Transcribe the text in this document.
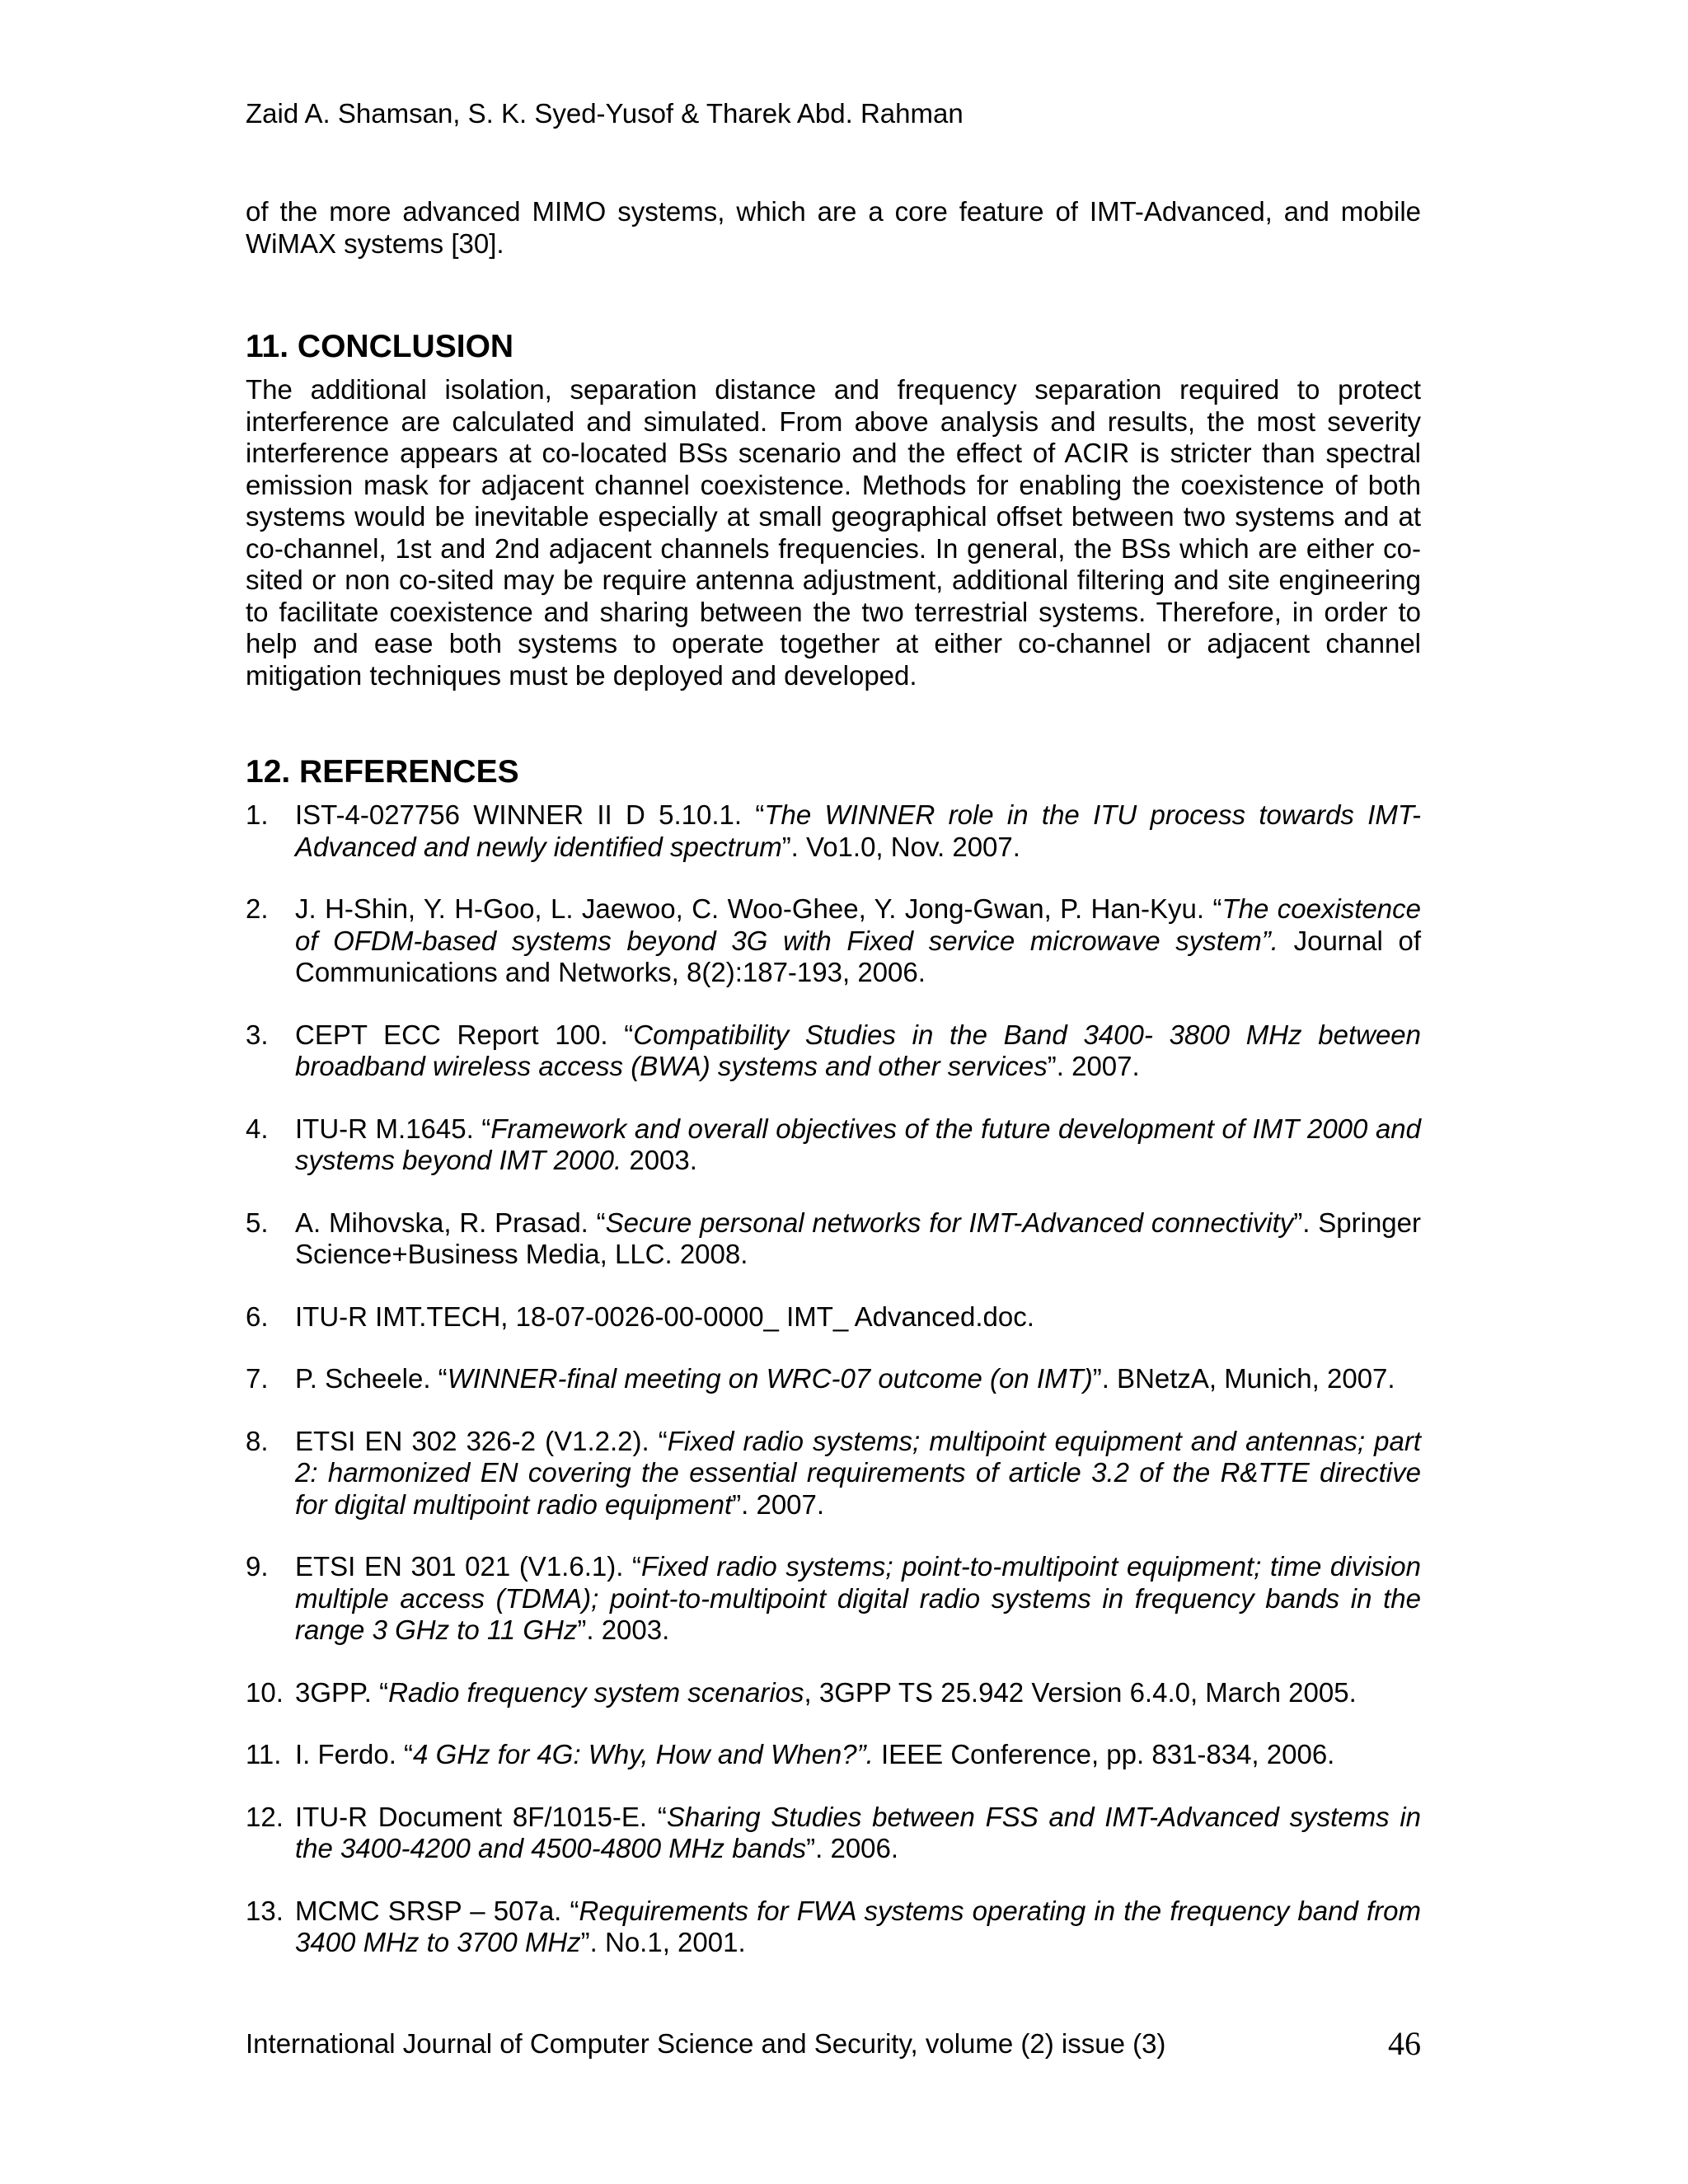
Zaid A. Shamsan, S. K. Syed-Yusof & Tharek Abd. Rahman

of the more advanced MIMO systems, which are a core feature of IMT-Advanced, and mobile WiMAX systems [30].

11. CONCLUSION

The additional isolation, separation distance and frequency separation required to protect interference are calculated and simulated. From above analysis and results, the most severity interference appears at co-located BSs scenario and the effect of ACIR is stricter than spectral emission mask for adjacent channel coexistence. Methods for enabling the coexistence of both systems would be inevitable especially at small geographical offset between two systems and at co-channel, 1st and 2nd adjacent channels frequencies. In general, the BSs which are either co-sited or non co-sited may be require antenna adjustment, additional filtering and site engineering to facilitate coexistence and sharing between the two terrestrial systems. Therefore, in order to help and ease both systems to operate together at either co-channel or adjacent channel mitigation techniques must be deployed and developed.

12. REFERENCES
1. IST-4-027756 WINNER II D 5.10.1. “The WINNER role in the ITU process towards IMT-Advanced and newly identified spectrum”. Vo1.0, Nov. 2007.
2. J. H-Shin, Y. H-Goo, L. Jaewoo, C. Woo-Ghee, Y. Jong-Gwan, P. Han-Kyu. “The coexistence of OFDM-based systems beyond 3G with Fixed service microwave system”. Journal of Communications and Networks, 8(2):187-193, 2006.
3. CEPT ECC Report 100. “Compatibility Studies in the Band 3400- 3800 MHz between broadband wireless access (BWA) systems and other services”. 2007.
4. ITU-R M.1645. “Framework and overall objectives of the future development of IMT 2000 and systems beyond IMT 2000. 2003.
5. A. Mihovska, R. Prasad. “Secure personal networks for IMT-Advanced connectivity”. Springer Science+Business Media, LLC. 2008.
6. ITU-R IMT.TECH, 18-07-0026-00-0000_ IMT_ Advanced.doc.
7. P. Scheele. “WINNER-final meeting on WRC-07 outcome (on IMT)”. BNetzA, Munich, 2007.
8. ETSI EN 302 326-2 (V1.2.2). “Fixed radio systems; multipoint equipment and antennas; part 2: harmonized EN covering the essential requirements of article 3.2 of the R&TTE directive for digital multipoint radio equipment”. 2007.
9. ETSI EN 301 021 (V1.6.1). “Fixed radio systems; point-to-multipoint equipment; time division multiple access (TDMA); point-to-multipoint digital radio systems in frequency bands in the range 3 GHz to 11 GHz”. 2003.
10. 3GPP. “Radio frequency system scenarios, 3GPP TS 25.942 Version 6.4.0, March 2005.
11. I. Ferdo. “4 GHz for 4G: Why, How and When?”. IEEE Conference, pp. 831-834, 2006.
12. ITU-R Document 8F/1015-E. “Sharing Studies between FSS and IMT-Advanced systems in the 3400-4200 and 4500-4800 MHz bands”. 2006.
13. MCMC SRSP – 507a. “Requirements for FWA systems operating in the frequency band from 3400 MHz to 3700 MHz”. No.1, 2001.
International Journal of Computer Science and Security, volume (2) issue (3)	46
